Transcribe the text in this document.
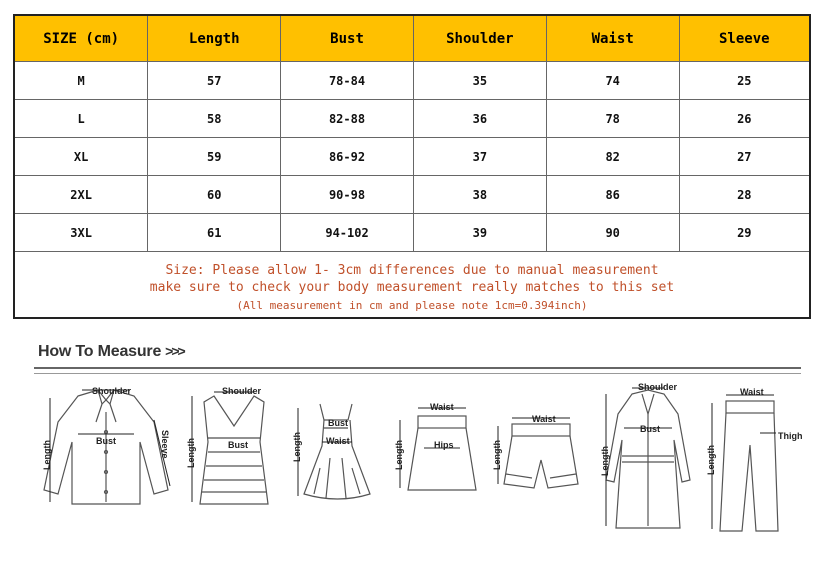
SIZE (cm)	Length	Bust	Shoulder	Waist	Sleeve
M	57	78-84	35	74	25
L	58	82-88	36	78	26
XL	59	86-92	37	82	27
2XL	60	90-98	38	86	28
3XL	61	94-102	39	90	29
Size: Please allow 1- 3cm differences due to manual measurement
make sure to check your body measurement really matches to this set
(All measurement in cm and please note 1cm=0.394inch)
How To Measure >>>
Shoulder
Bust
Length	Sleeve
Shoulder
Bust
Length
Bust
Waist
Length
Waist
Hips
Length
Waist
Length
Shoulder
Bust
Length
Waist
Thigh
Length
